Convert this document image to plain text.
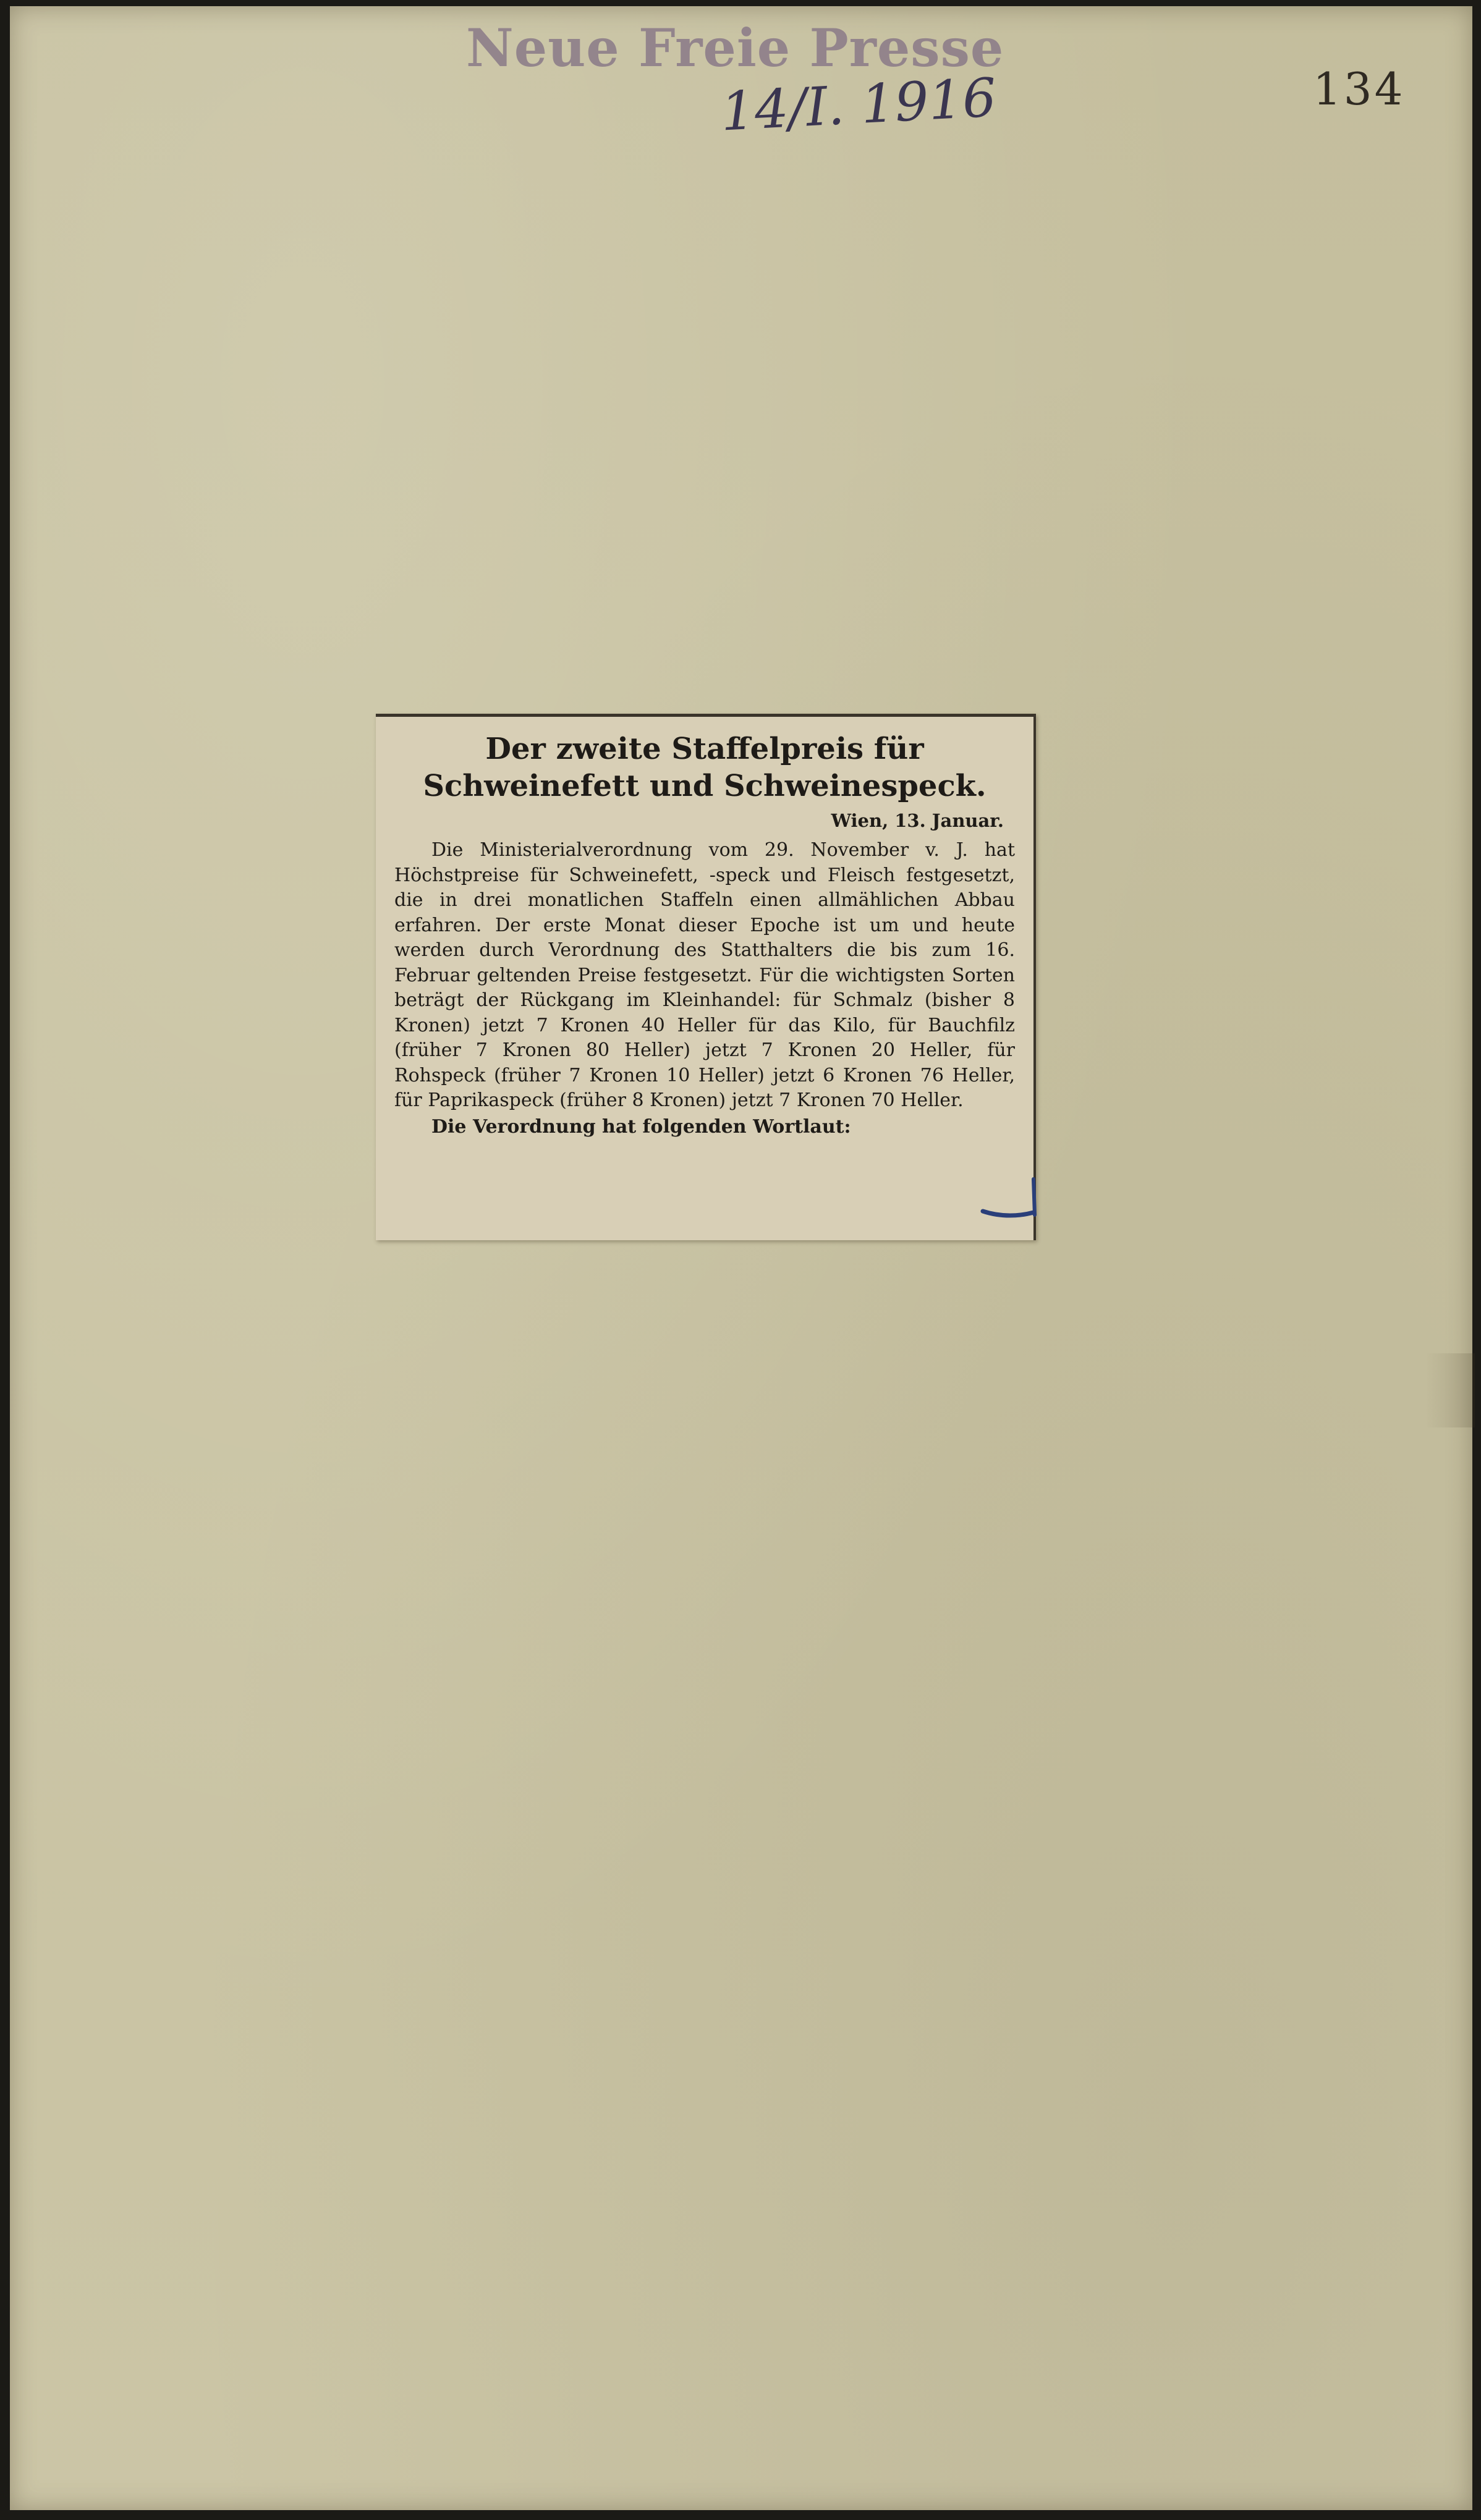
Neue Freie Presse
14/I. 1916	134
Der zweite Staffelpreis für Schweinefett und Schweinespeck.
Wien, 13. Januar.

Die Ministerialverordnung vom 29. November v. J. hat Höchstpreise für Schweinefett, -speck und Fleisch festgesetzt, die in drei monatlichen Staffeln einen allmählichen Abbau erfahren. Der erste Monat dieser Epoche ist um und heute werden durch Verordnung des Statthalters die bis zum 16. Februar geltenden Preise festgesetzt. Für die wichtigsten Sorten beträgt der Rückgang im Kleinhandel: für Schmalz (bisher 8 Kronen) jetzt 7 Kronen 40 Heller für das Kilo, für Bauchfilz (früher 7 Kronen 80 Heller) jetzt 7 Kronen 20 Heller, für Rohspeck (früher 7 Kronen 10 Heller) jetzt 6 Kronen 76 Heller, für Paprikaspeck (früher 8 Kronen) jetzt 7 Kronen 70 Heller.

Die Verordnung hat folgenden Wortlaut:
